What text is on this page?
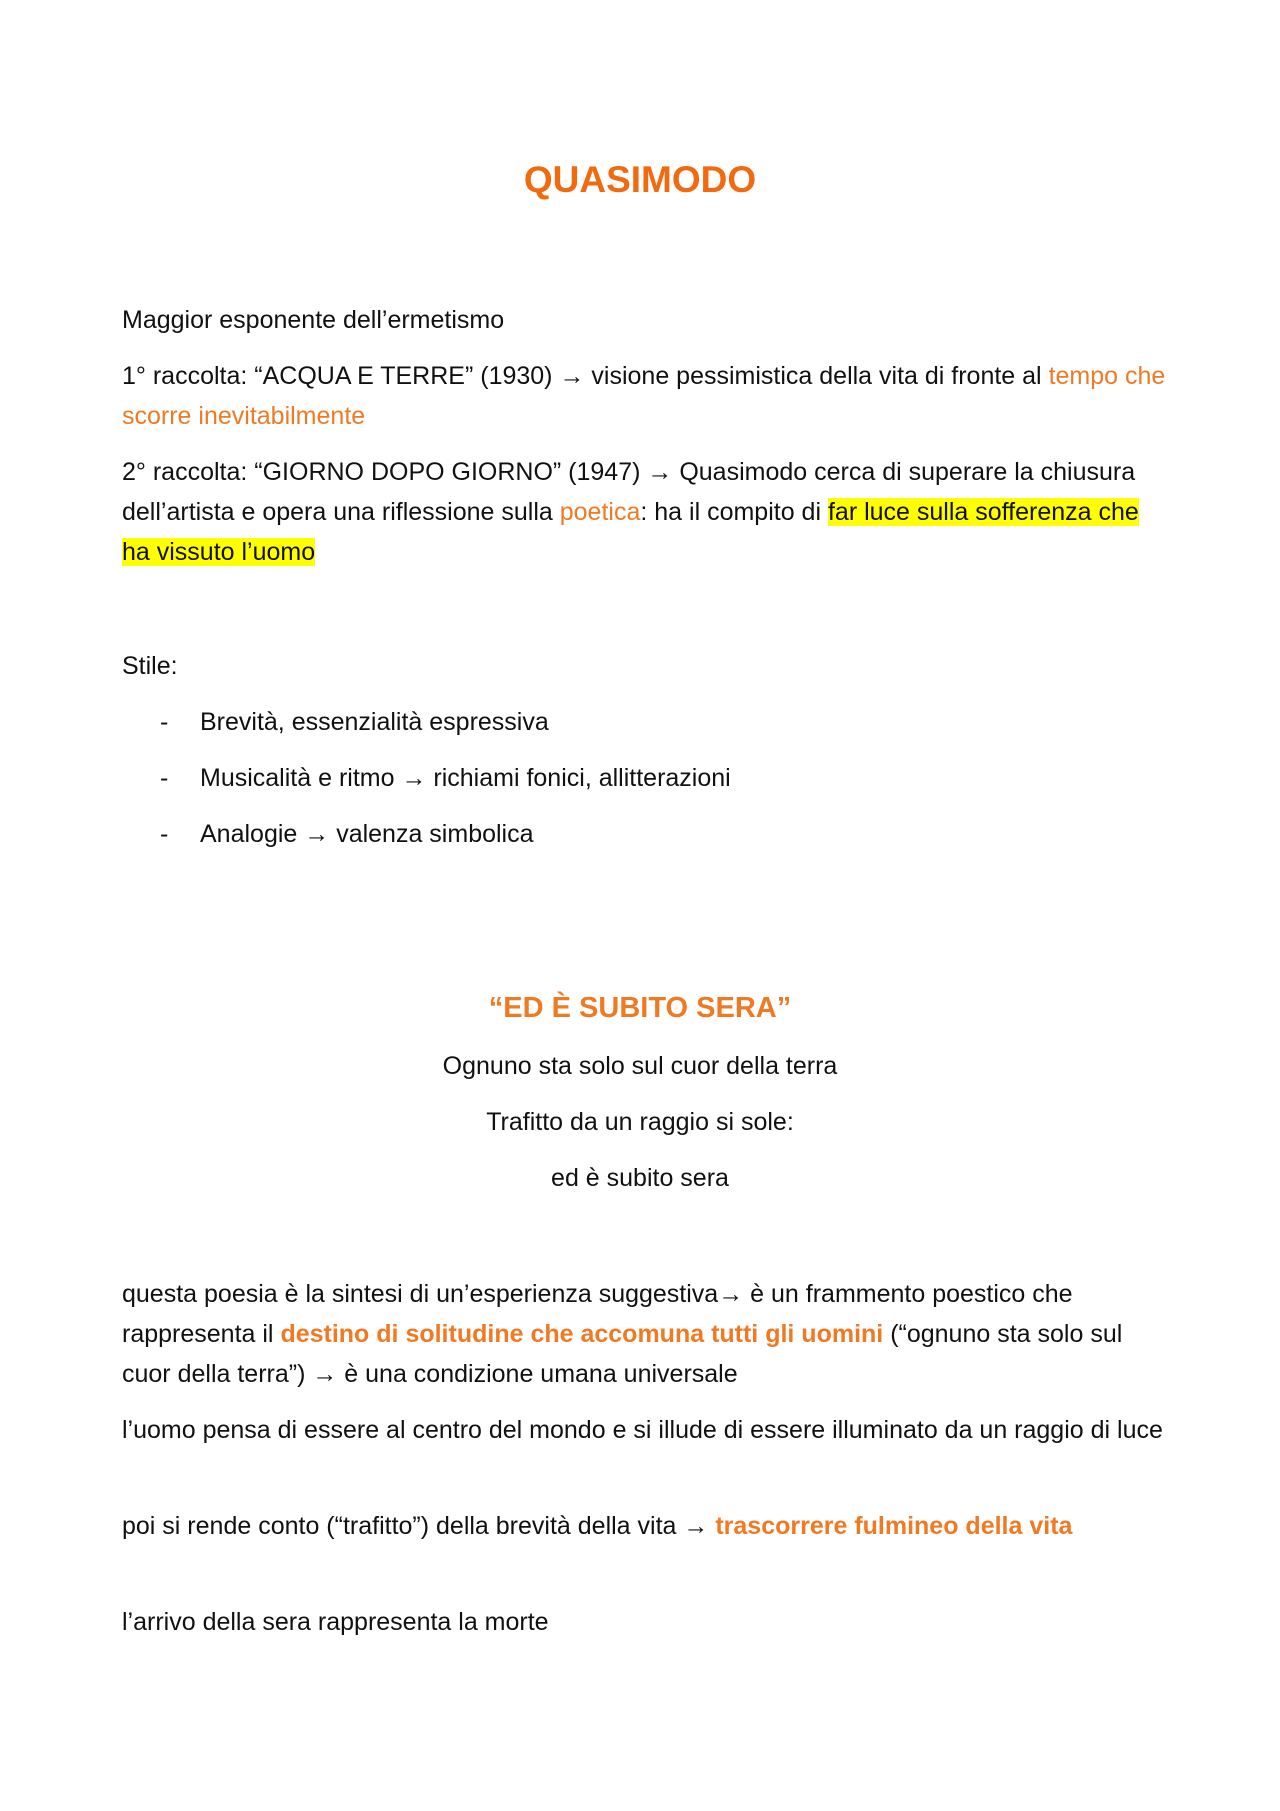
QUASIMODO
Maggior esponente dell’ermetismo
1° raccolta: “ACQUA E TERRE” (1930) → visione pessimistica della vita di fronte al tempo che scorre inevitabilmente
2° raccolta: “GIORNO DOPO GIORNO” (1947) → Quasimodo cerca di superare la chiusura dell’artista e opera una riflessione sulla poetica: ha il compito di far luce sulla sofferenza che ha vissuto l’uomo
Stile:
- Brevità, essenzialità espressiva
- Musicalità e ritmo → richiami fonici, allitterazioni
- Analogie → valenza simbolica
“ED È SUBITO SERA”
Ognuno sta solo sul cuor della terra
Trafitto da un raggio si sole:
ed è subito sera
questa poesia è la sintesi di un’esperienza suggestiva→ è un frammento poestico che rappresenta il destino di solitudine che accomuna tutti gli uomini (“ognuno sta solo sul cuor della terra”) → è una condizione umana universale
l’uomo pensa di essere al centro del mondo e si illude di essere illuminato da un raggio di luce
poi si rende conto (“trafitto”) della brevità della vita → trascorrere fulmineo della vita
l’arrivo della sera rappresenta la morte
